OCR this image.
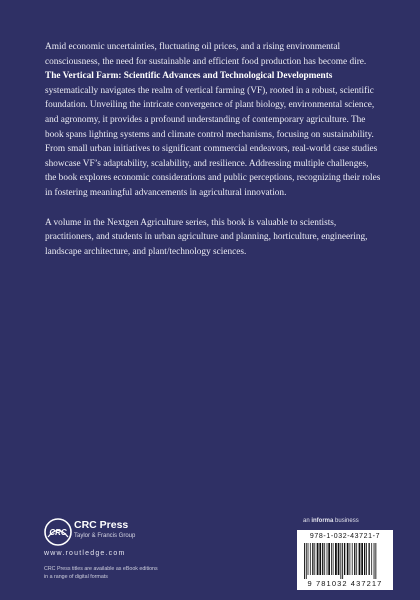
Amid economic uncertainties, fluctuating oil prices, and a rising environmental consciousness, the need for sustainable and efficient food production has become dire. The Vertical Farm: Scientific Advances and Technological Developments systematically navigates the realm of vertical farming (VF), rooted in a robust, scientific foundation. Unveiling the intricate convergence of plant biology, environmental science, and agronomy, it provides a profound understanding of contemporary agriculture. The book spans lighting systems and climate control mechanisms, focusing on sustainability. From small urban initiatives to significant commercial endeavors, real-world case studies showcase VF’s adaptability, scalability, and resilience. Addressing multiple challenges, the book explores economic considerations and public perceptions, recognizing their roles in fostering meaningful advancements in agricultural innovation.

A volume in the Nextgen Agriculture series, this book is valuable to scientists, practitioners, and students in urban agriculture and planning, horticulture, engineering, landscape architecture, and plant/technology sciences.

CRC
CRC Press
Taylor & Francis Group
www.routledge.com
CRC Press titles are available as eBook editions
in a range of digital formats
an informa business
978-1-032-43721-7
9 781032 437217
